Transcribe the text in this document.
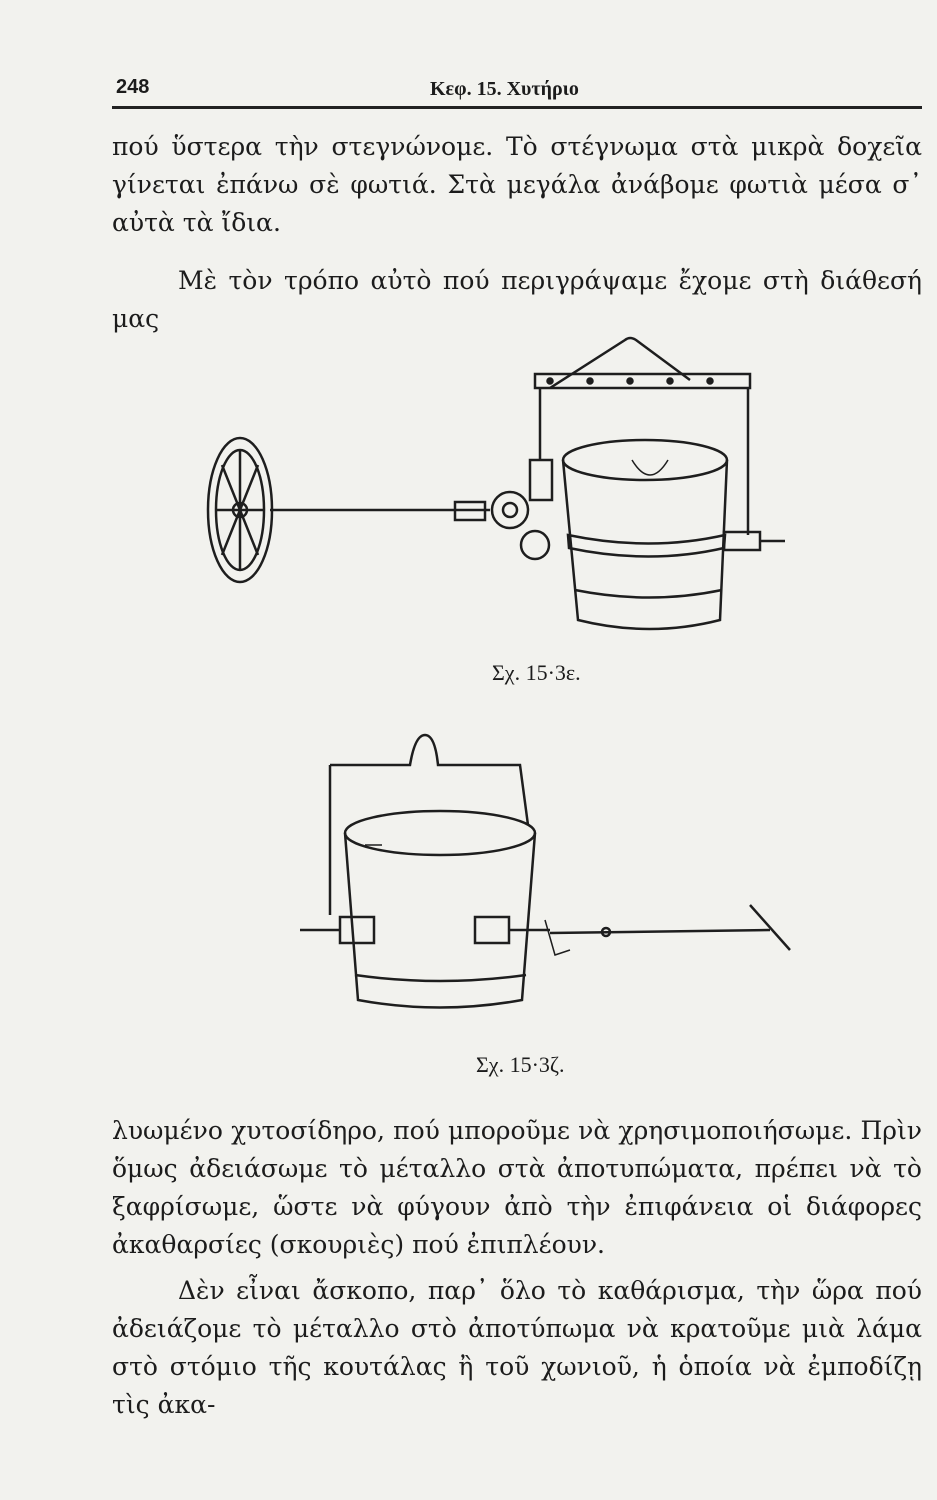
248	Κεφ. 15. Χυτήριο

πού ὕστερα τὴν στεγνώνομε. Τὸ στέγνωμα στὰ μικρὰ δοχεῖα γίνεται ἐπάνω σὲ φωτιά. Στὰ μεγάλα ἀνάβομε φωτιὰ μέσα σ᾿ αὐτὰ τὰ ἴδια.

Μὲ τὸν τρόπο αὐτὸ πού περιγράψαμε ἔχομε στὴ διάθεσή μας

Σχ. 15·3ε.
Σχ. 15·3ζ.

λυωμένο χυτοσίδηρο, πού μποροῦμε νὰ χρησιμοποιήσωμε. Πρὶν ὅμως ἀδειάσωμε τὸ μέταλλο στὰ ἀποτυπώματα, πρέπει νὰ τὸ ξαφρίσωμε, ὥστε νὰ φύγουν ἀπὸ τὴν ἐπιφάνεια οἱ διάφορες ἀκαθαρσίες (σκουριὲς) πού ἐπιπλέουν.

Δὲν εἶναι ἄσκοπο, παρ᾿ ὅλο τὸ καθάρισμα, τὴν ὥρα πού ἀδειάζομε τὸ μέταλλο στὸ ἀποτύπωμα νὰ κρατοῦμε μιὰ λάμα στὸ στόμιο τῆς κουτάλας ἢ τοῦ χωνιοῦ, ἡ ὁποία νὰ ἐμποδίζῃ τὶς ἀκα-
